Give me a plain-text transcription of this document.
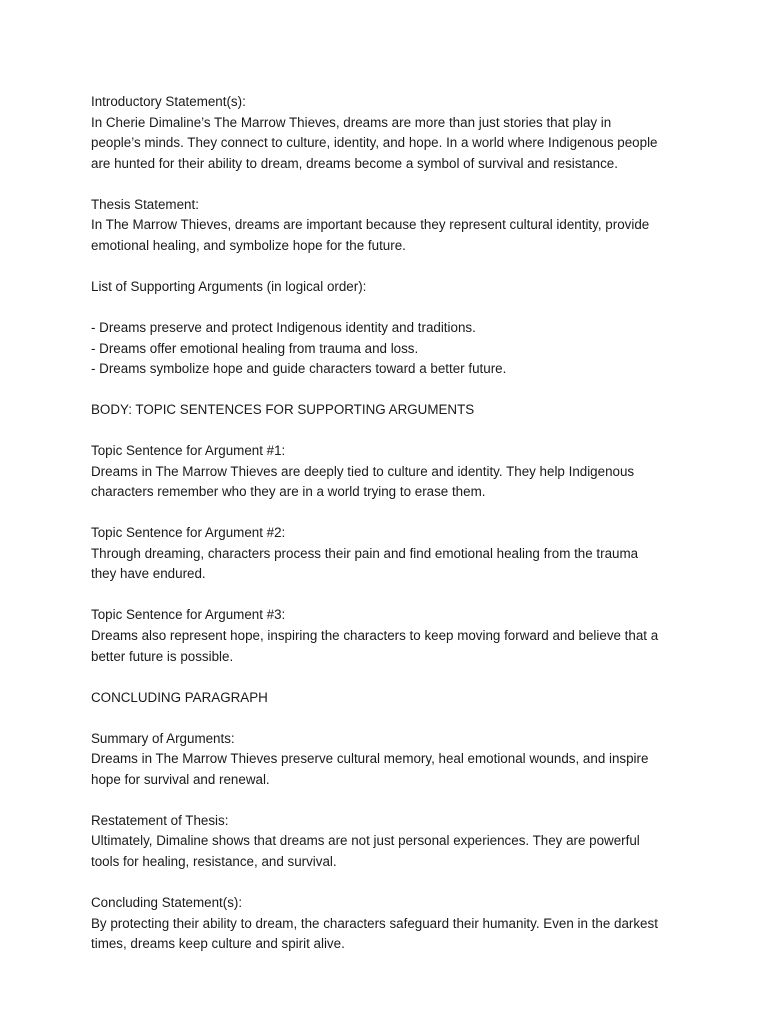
Introductory Statement(s):
In Cherie Dimaline’s The Marrow Thieves, dreams are more than just stories that play in
people’s minds. They connect to culture, identity, and hope. In a world where Indigenous people
are hunted for their ability to dream, dreams become a symbol of survival and resistance.
Thesis Statement:
In The Marrow Thieves, dreams are important because they represent cultural identity, provide
emotional healing, and symbolize hope for the future.
List of Supporting Arguments (in logical order):
- Dreams preserve and protect Indigenous identity and traditions.
- Dreams offer emotional healing from trauma and loss.
- Dreams symbolize hope and guide characters toward a better future.
BODY: TOPIC SENTENCES FOR SUPPORTING ARGUMENTS
Topic Sentence for Argument #1:
Dreams in The Marrow Thieves are deeply tied to culture and identity. They help Indigenous
characters remember who they are in a world trying to erase them.
Topic Sentence for Argument #2:
Through dreaming, characters process their pain and find emotional healing from the trauma
they have endured.
Topic Sentence for Argument #3:
Dreams also represent hope, inspiring the characters to keep moving forward and believe that a
better future is possible.
CONCLUDING PARAGRAPH
Summary of Arguments:
Dreams in The Marrow Thieves preserve cultural memory, heal emotional wounds, and inspire
hope for survival and renewal.
Restatement of Thesis:
Ultimately, Dimaline shows that dreams are not just personal experiences. They are powerful
tools for healing, resistance, and survival.
Concluding Statement(s):
By protecting their ability to dream, the characters safeguard their humanity. Even in the darkest
times, dreams keep culture and spirit alive.
